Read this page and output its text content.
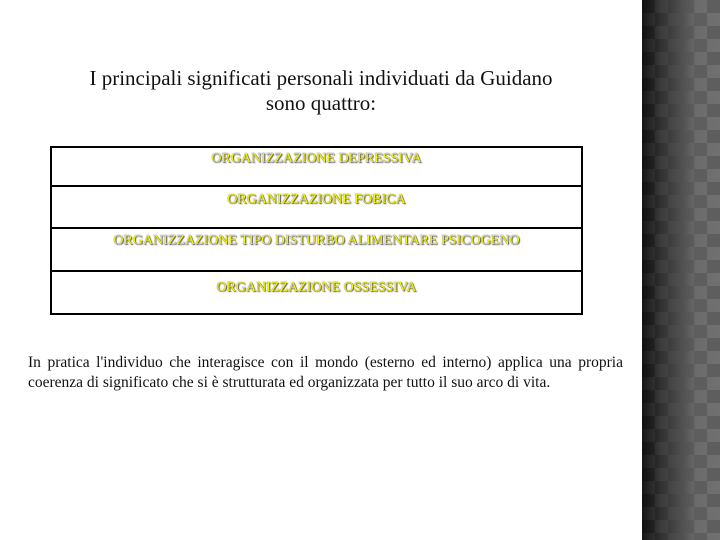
I principali significati personali individuati da Guidano
sono quattro:
ORGANIZZAZIONE DEPRESSIVA
ORGANIZZAZIONE FOBICA
ORGANIZZAZIONE TIPO DISTURBO ALIMENTARE PSICOGENO
ORGANIZZAZIONE OSSESSIVA

In pratica l'individuo che interagisce con il mondo (esterno ed interno) applica una propria coerenza di significato che si è strutturata ed organizzata per tutto il suo arco di vita.
